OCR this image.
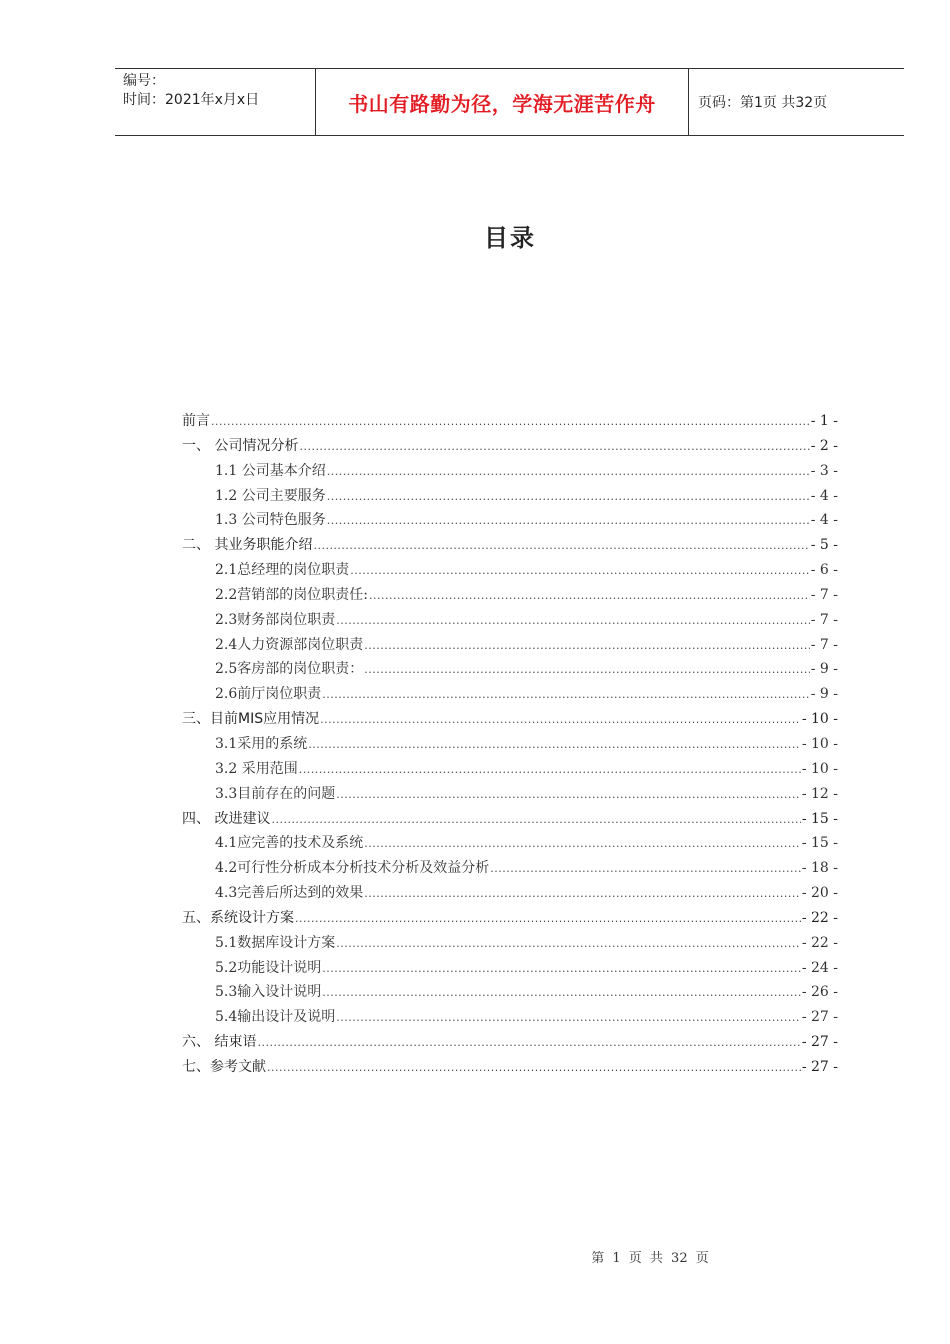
编号：
时间：2021年x月x日	书山有路勤为径，学海无涯苦作舟	页码：第1页 共32页
目录
前言 .....	- 1 -
一、 公司情况分析 .....	- 2 -
1.1 公司基本介绍 .....	- 3 -
1.2 公司主要服务 .....	- 4 -
1.3 公司特色服务 .....	- 4 -
二、 其业务职能介绍 .....	- 5 -
2.1总经理的岗位职责 .....	- 6 -
2.2营销部的岗位职责任: .....	- 7 -
2.3财务部岗位职责 .....	- 7 -
2.4人力资源部岗位职责 .....	- 7 -
2.5客房部的岗位职责： .....	- 9 -
2.6前厅岗位职责 .....	- 9 -
三、目前MIS应用情况 .....	- 10 -
3.1采用的系统 .....	- 10 -
3.2 采用范围 .....	- 10 -
3.3目前存在的问题 .....	- 12 -
四、 改进建议 .....	- 15 -
4.1应完善的技术及系统 .....	- 15 -
4.2可行性分析成本分析技术分析及效益分析 .....	- 18 -
4.3完善后所达到的效果 .....	- 20 -
五、系统设计方案 .....	- 22 -
5.1数据库设计方案 .....	- 22 -
5.2功能设计说明 .....	- 24 -
5.3输入设计说明 .....	- 26 -
5.4输出设计及说明 .....	- 27 -
六、 结束语 .....	- 27 -
七、参考文献 .....	- 27 -
第 1 页 共 32 页
